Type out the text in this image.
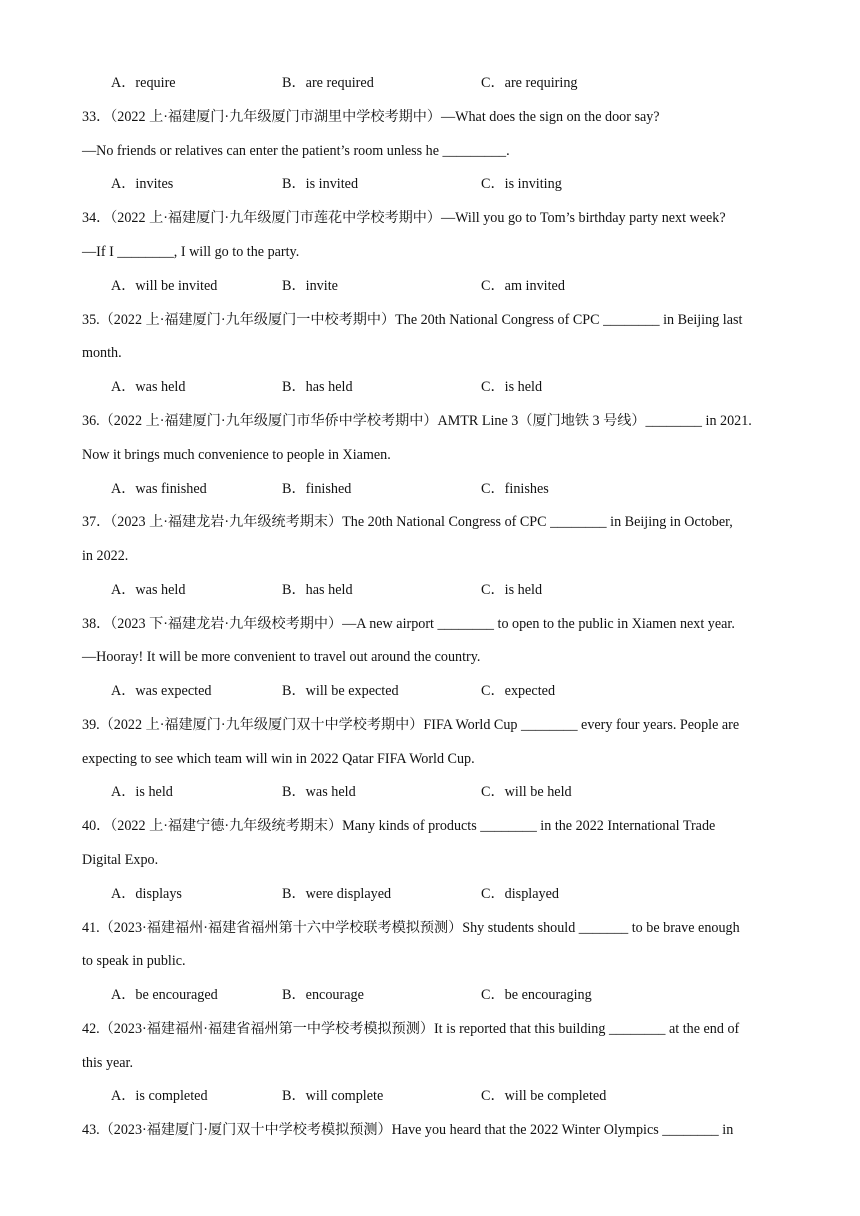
A．require	B．are required	C．are requiring
33．（2022 上·福建厦门·九年级厦门市湖里中学校考期中）—What does the sign on the door say?
—No friends or relatives can enter the patient’s room unless he _________.
A．invites	B．is invited	C．is inviting
34．（2022 上·福建厦门·九年级厦门市莲花中学校考期中）—Will you go to Tom’s birthday party next week?
—If I ________, I will go to the party.
A．will be invited	B．invite	C．am invited
35.（2022 上·福建厦门·九年级厦门一中校考期中）The 20th National Congress of CPC ________ in Beijing last
month.
A．was held	B．has held	C．is held
36.（2022 上·福建厦门·九年级厦门市华侨中学校考期中）AMTR Line 3（厦门地铁 3 号线）________ in 2021.
Now it brings much convenience to people in Xiamen.
A．was finished	B．finished	C．finishes
37．（2023 上·福建龙岩·九年级统考期末）The 20th National Congress of CPC ________ in Beijing in October,
in 2022.
A．was held	B．has held	C．is held
38．（2023 下·福建龙岩·九年级校考期中）—A new airport ________ to open to the public in Xiamen next year.
—Hooray! It will be more convenient to travel out around the country.
A．was expected	B．will be expected	C．expected
39.（2022 上·福建厦门·九年级厦门双十中学校考期中）FIFA World Cup ________ every four years. People are
expecting to see which team will win in 2022 Qatar FIFA World Cup.
A．is held	B．was held	C．will be held
40．（2022 上·福建宁德·九年级统考期末）Many kinds of products ________ in the 2022 International Trade
Digital Expo.
A．displays	B．were displayed	C．displayed
41.（2023·福建福州·福建省福州第十六中学校联考模拟预测）Shy students should _______ to be brave enough
to speak in public.
A．be encouraged	B．encourage	C．be encouraging
42.（2023·福建福州·福建省福州第一中学校考模拟预测）It is reported that this building ________ at the end of
this year.
A．is completed	B．will complete	C．will be completed
43.（2023·福建厦门·厦门双十中学校考模拟预测）Have you heard that the 2022 Winter Olympics ________ in
